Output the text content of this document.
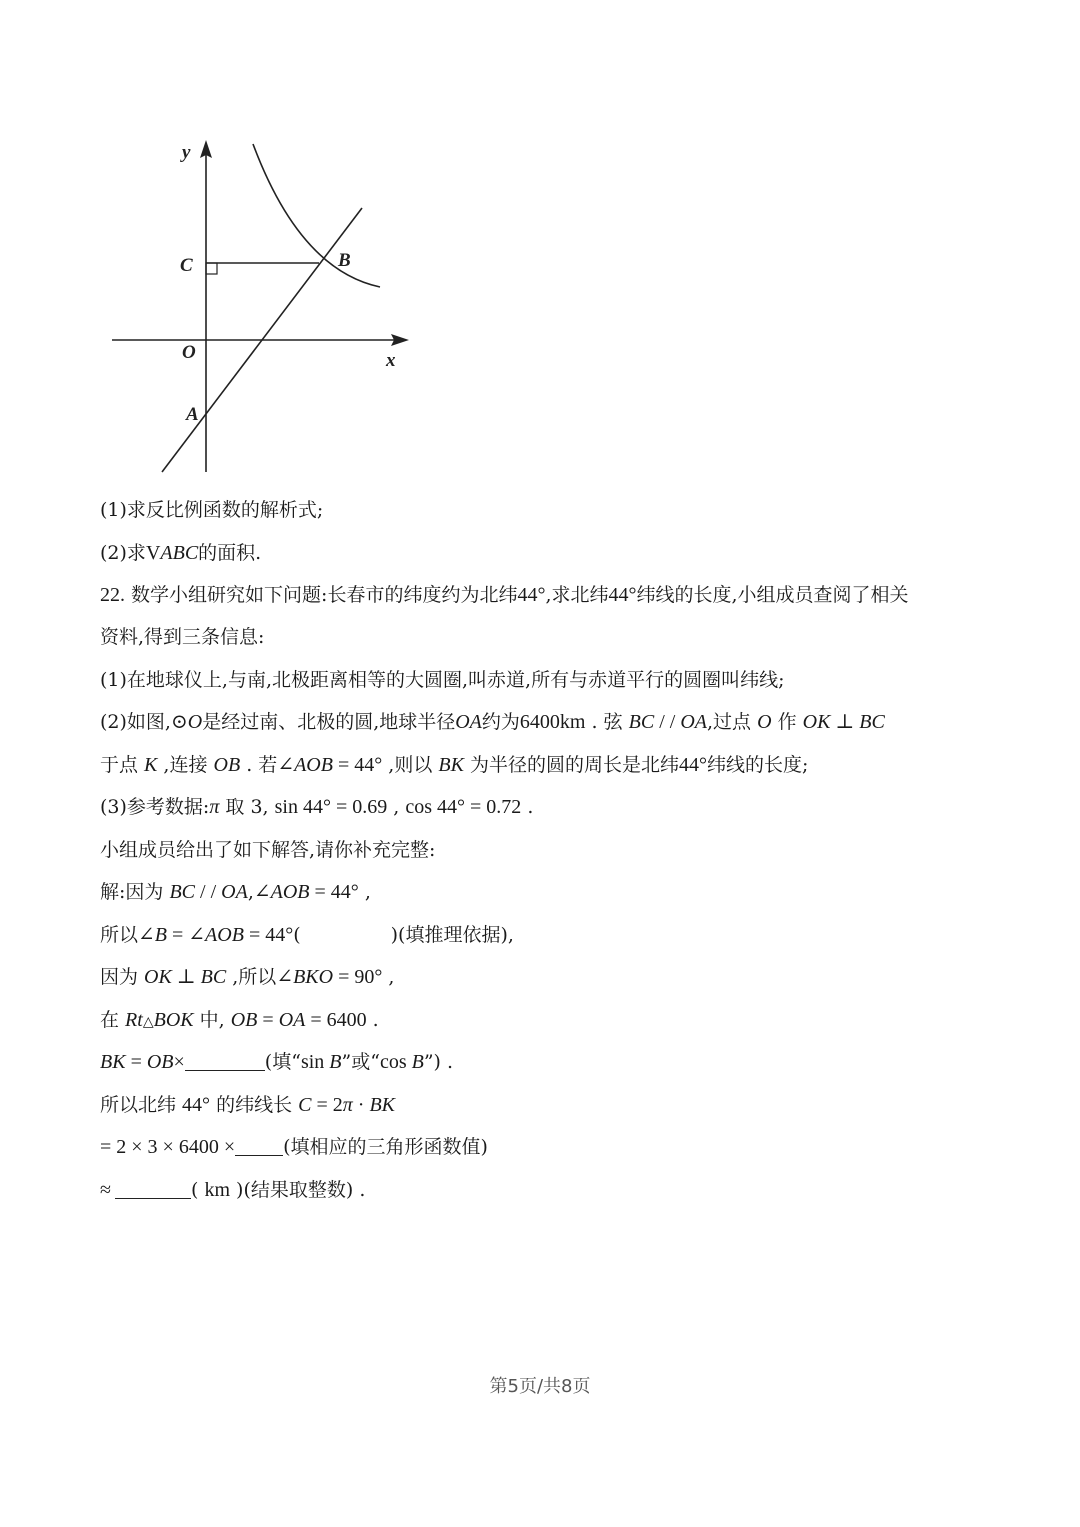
y
x
C	B
O
A
(1)求反比例函数的解析式;
(2)求VABC的面积.
22. 数学小组研究如下问题:长春市的纬度约为北纬44°,求北纬44°纬线的长度,小组成员查阅了相关
资料,得到三条信息:
(1)在地球仪上,与南,北极距离相等的大圆圈,叫赤道,所有与赤道平行的圆圈叫纬线;
(2)如图,⊙O是经过南、北极的圆,地球半径OA约为6400km . 弦 BC / / OA,过点 O 作 OK ⊥ BC
于点 K ,连接 OB . 若∠AOB = 44° ,则以 BK 为半径的圆的周长是北纬44°纬线的长度;
(3)参考数据:π 取 3, sin 44° = 0.69 , cos 44° = 0.72 .
小组成员给出了如下解答,请你补充完整:
解:因为 BC / / OA,∠AOB = 44° ,
所以∠B = ∠AOB = 44°(	)(填推理依据),
因为 OK ⊥ BC ,所以∠BKO = 90° ,
在 Rt△BOK 中, OB = OA = 6400 .
BK = OB×	(填“sin B”或“cos B”) .
所以北纬 44° 的纬线长 C = 2π · BK
= 2 × 3 × 6400 ×	(填相应的三角形函数值)
≈	( km )(结果取整数) .
第5页/共8页
